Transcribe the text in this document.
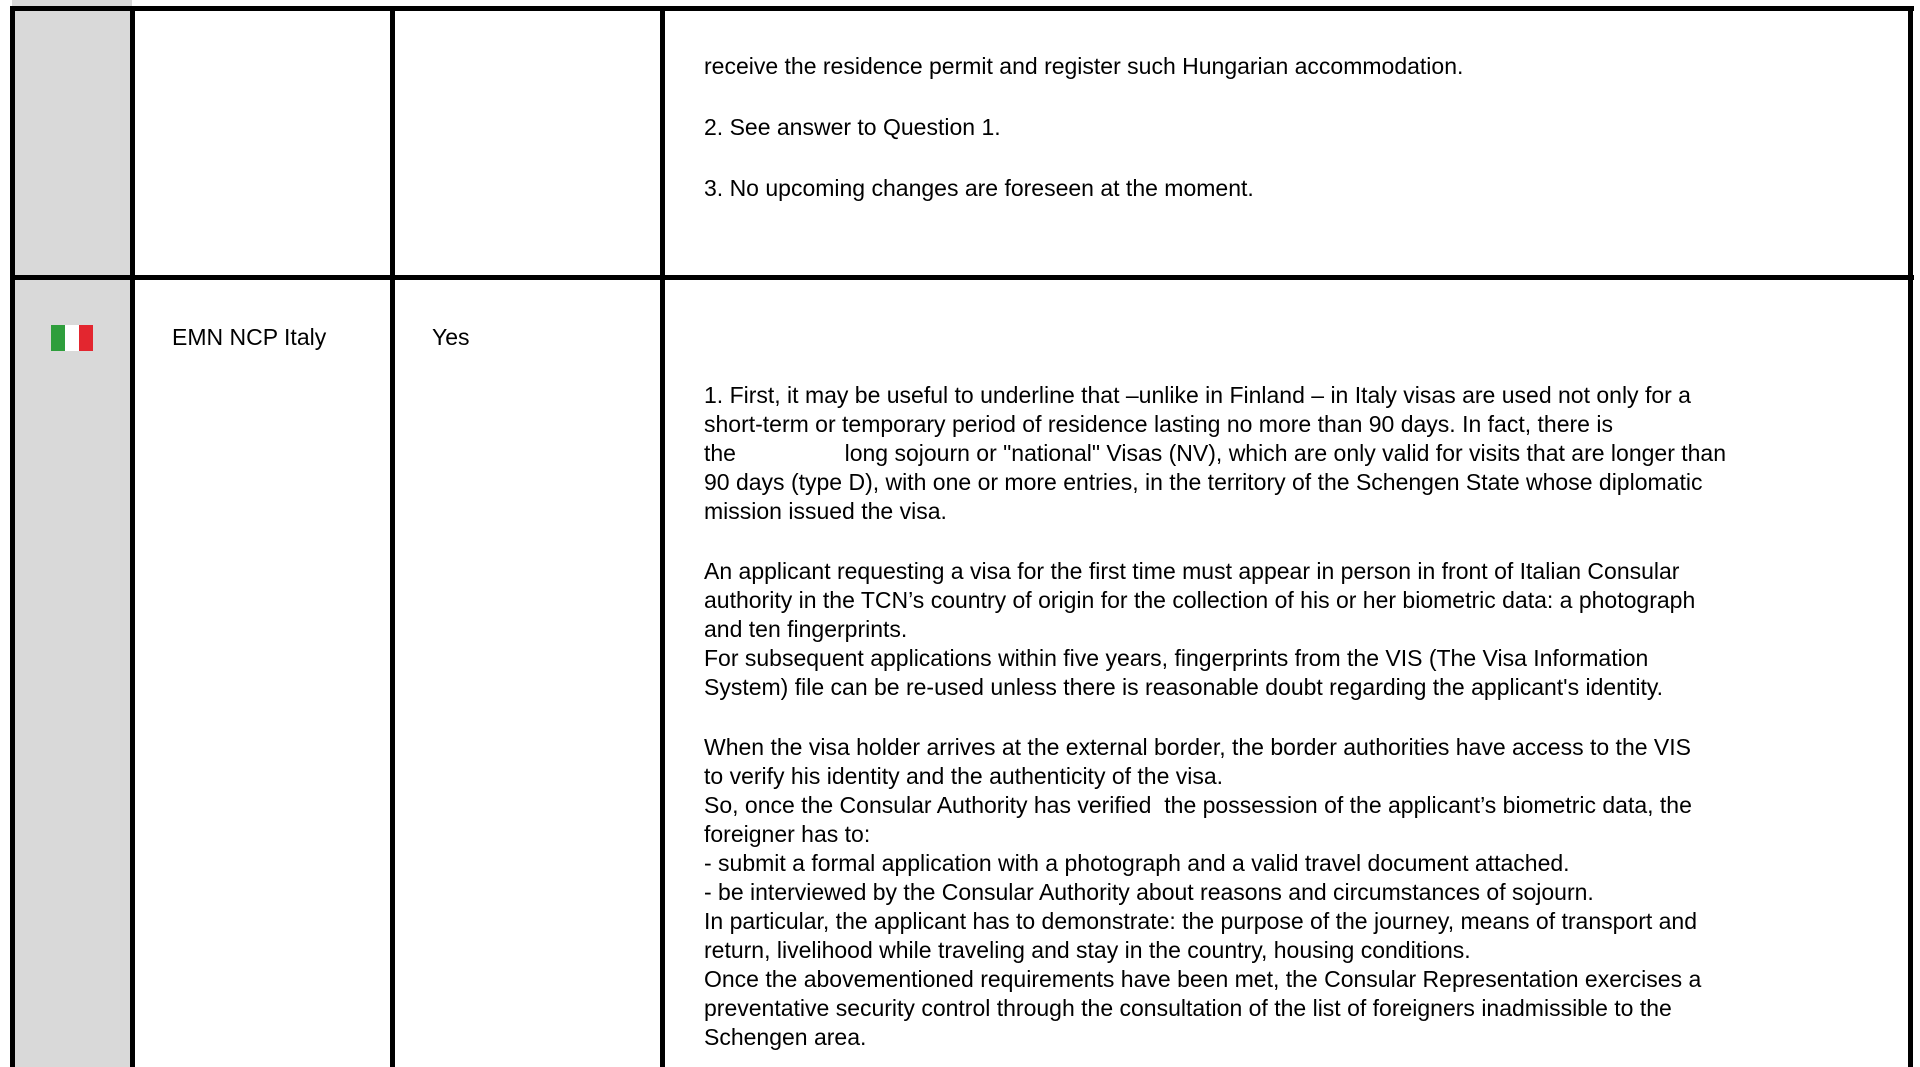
receive the residence permit and register such Hungarian accommodation.

2. See answer to Question 1.

3. No upcoming changes are foreseen at the moment.

EMN NCP Italy	Yes

1. First, it may be useful to underline that –unlike in Finland – in Italy visas are used not only for a
short-term or temporary period of residence lasting no more than 90 days. In fact, there is
the                 long sojourn or "national" Visas (NV), which are only valid for visits that are longer than
90 days (type D), with one or more entries, in the territory of the Schengen State whose diplomatic
mission issued the visa.
An applicant requesting a visa for the first time must appear in person in front of Italian Consular
authority in the TCN’s country of origin for the collection of his or her biometric data: a photograph
and ten fingerprints.
For subsequent applications within five years, fingerprints from the VIS (The Visa Information
System) file can be re-used unless there is reasonable doubt regarding the applicant's identity.
When the visa holder arrives at the external border, the border authorities have access to the VIS
to verify his identity and the authenticity of the visa.
So, once the Consular Authority has verified  the possession of the applicant’s biometric data, the
foreigner has to:
- submit a formal application with a photograph and a valid travel document attached.
- be interviewed by the Consular Authority about reasons and circumstances of sojourn.
In particular, the applicant has to demonstrate: the purpose of the journey, means of transport and
return, livelihood while traveling and stay in the country, housing conditions.
Once the abovementioned requirements have been met, the Consular Representation exercises a
preventative security control through the consultation of the list of foreigners inadmissible to the
Schengen area.
